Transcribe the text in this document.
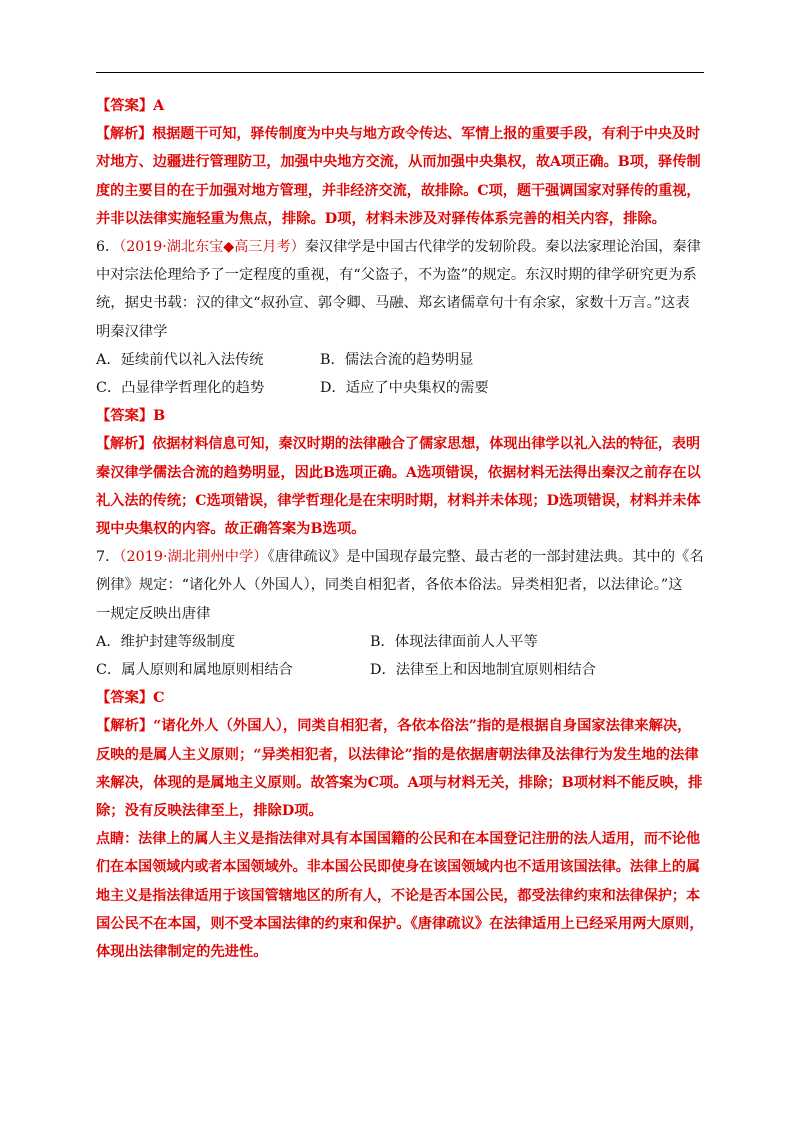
【答案】A
【解析】根据题干可知，驿传制度为中央与地方政令传达、军情上报的重要手段，有利于中央及时
对地方、边疆进行管理防卫，加强中央地方交流，从而加强中央集权，故A项正确。B项，驿传制
度的主要目的在于加强对地方管理，并非经济交流，故排除。C项，题干强调国家对驿传的重视，
并非以法律实施轻重为焦点，排除。D项，材料未涉及对驿传体系完善的相关内容，排除。
6．（2019·湖北东宝◆高三月考）秦汉律学是中国古代律学的发轫阶段。秦以法家理论治国，秦律
中对宗法伦理给予了一定程度的重视，有“父盗子，不为盗”的规定。东汉时期的律学研究更为系
统，据史书载：汉的律文“叔孙宣、郭令卿、马融、郑玄诸儒章句十有余家，家数十万言。”这表
明秦汉律学
A．延续前代以礼入法传统	B．儒法合流的趋势明显
C．凸显律学哲理化的趋势	D．适应了中央集权的需要
【答案】B
【解析】依据材料信息可知，秦汉时期的法律融合了儒家思想，体现出律学以礼入法的特征，表明
秦汉律学儒法合流的趋势明显，因此B选项正确。A选项错误，依据材料无法得出秦汉之前存在以
礼入法的传统；C选项错误，律学哲理化是在宋明时期，材料并未体现；D选项错误，材料并未体
现中央集权的内容。故正确答案为B选项。
7．（2019·湖北荆州中学）《唐律疏议》是中国现存最完整、最古老的一部封建法典。其中的《名
例律》规定：“诸化外人（外国人），同类自相犯者，各依本俗法。异类相犯者，以法律论。”这
一规定反映出唐律
A．维护封建等级制度	B．体现法律面前人人平等
C．属人原则和属地原则相结合	D．法律至上和因地制宜原则相结合
【答案】C
【解析】“诸化外人（外国人），同类自相犯者，各依本俗法”指的是根据自身国家法律来解决，
反映的是属人主义原则；“异类相犯者，以法律论”指的是依据唐朝法律及法律行为发生地的法律
来解决，体现的是属地主义原则。故答案为C项。A项与材料无关，排除；B项材料不能反映，排
除；没有反映法律至上，排除D项。
点睛：法律上的属人主义是指法律对具有本国国籍的公民和在本国登记注册的法人适用，而不论他
们在本国领域内或者本国领域外。非本国公民即使身在该国领域内也不适用该国法律。法律上的属
地主义是指法律适用于该国管辖地区的所有人，不论是否本国公民，都受法律约束和法律保护；本
国公民不在本国，则不受本国法律的约束和保护。《唐律疏议》在法律适用上已经采用两大原则，
体现出法律制定的先进性。
